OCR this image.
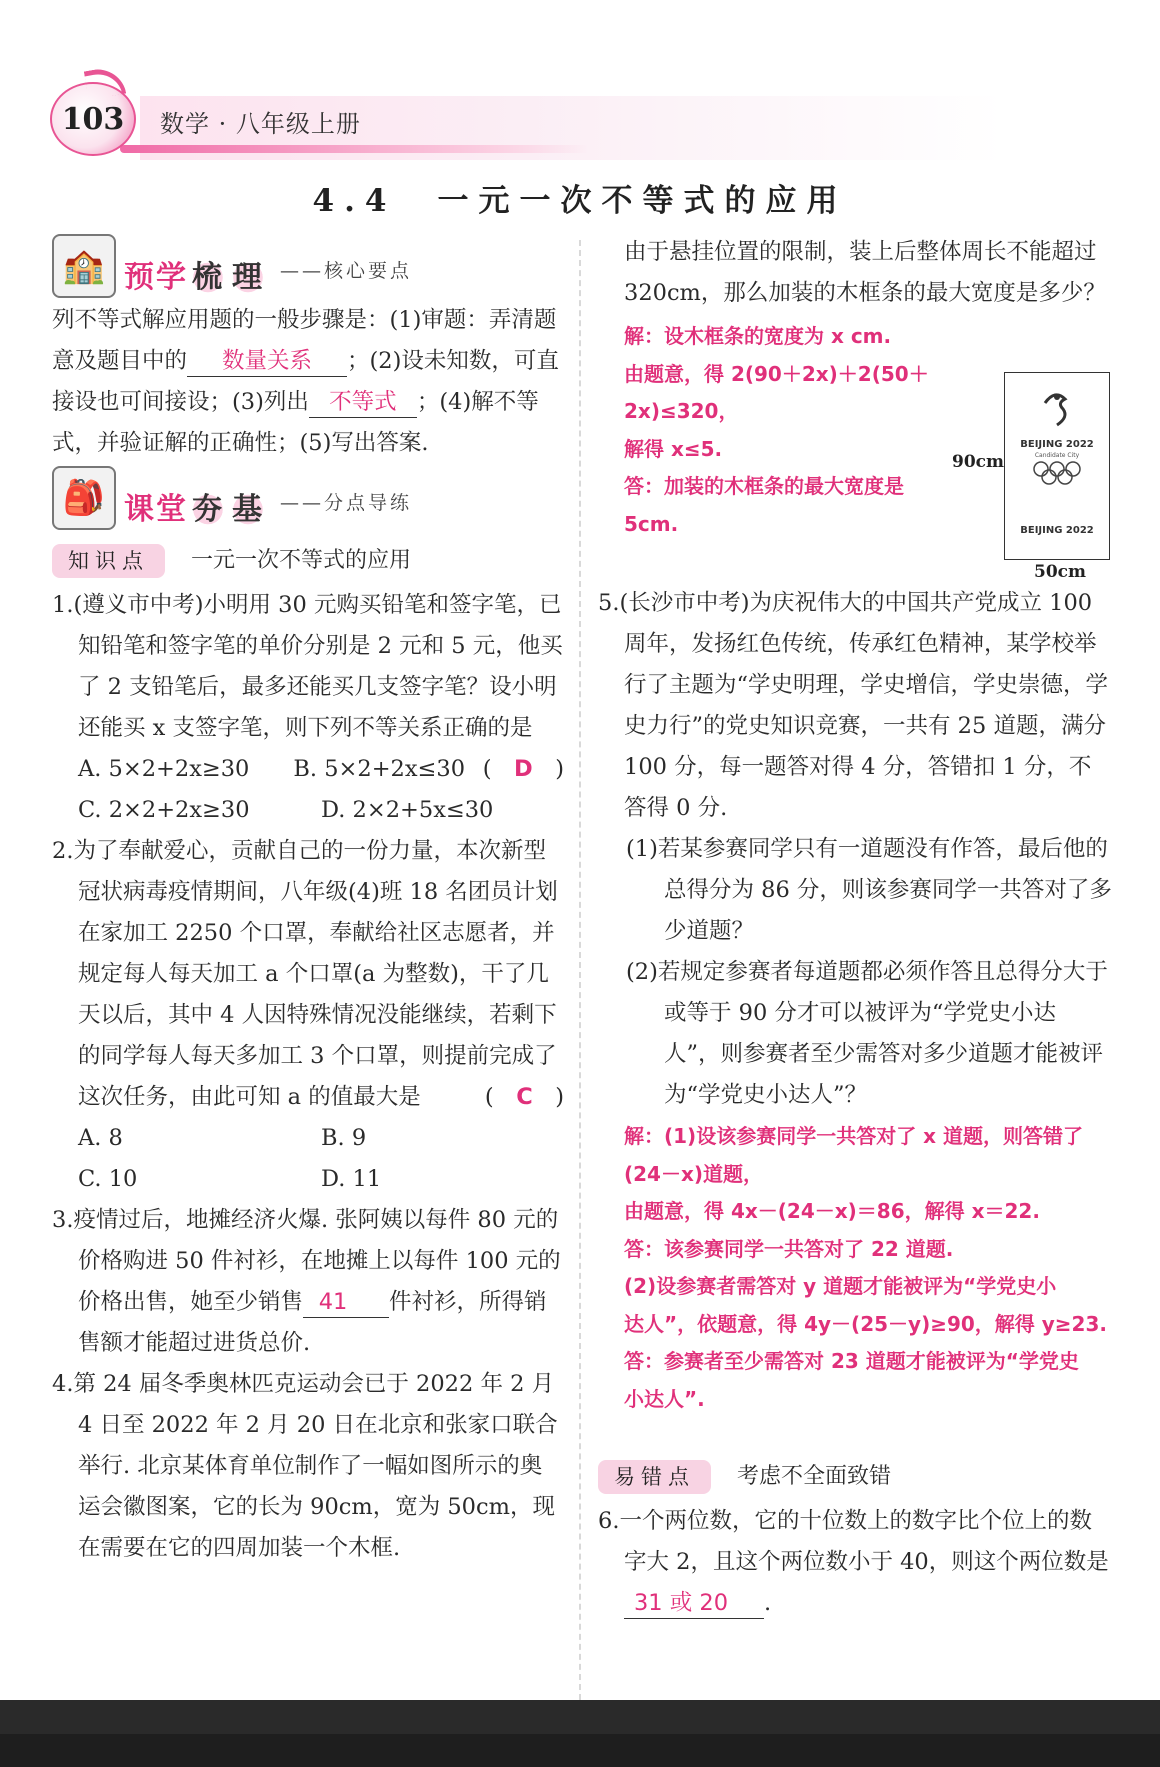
103 数学 · 八年级上册
4.4　一元一次不等式的应用
🏫 预学 梳 理	—— 核心要点

列不等式解应用题的一般步骤是：(1)审题：弄清题意及题目中的 数量关系 ；(2)设未知数，可直接设也可间接设；(3)列出 不等式 ；(4)解不等式，并验证解的正确性；(5)写出答案.

🎒 课堂 夯 基	—— 分点导练
知识点	一元一次不等式的应用

1.(遵义市中考)小明用 30 元购买铅笔和签字笔，已知铅笔和签字笔的单价分别是 2 元和 5 元，他买了 2 支铅笔后，最多还能买几支签字笔？设小明还能买 x 支签字笔，则下列不等关系正确的是
(　D　)

A. 5×2+2x≥30	B. 5×2+2x≤30
C. 2×2+2x≥30	D. 2×2+5x≤30

2.为了奉献爱心，贡献自己的一份力量，本次新型冠状病毒疫情期间，八年级(4)班 18 名团员计划在家加工 2250 个口罩，奉献给社区志愿者，并规定每人每天加工 a 个口罩(a 为整数)，干了几天以后，其中 4 人因特殊情况没能继续，若剩下的同学每人每天多加工 3 个口罩，则提前完成了这次任务，由此可知 a 的值最大是	(　C　)

A. 8	B. 9
C. 10	D. 11

3.疫情过后，地摊经济火爆. 张阿姨以每件 80 元的价格购进 50 件衬衫，在地摊上以每件 100 元的价格出售，她至少销售 41 件衬衫，所得销售额才能超过进货总价.

4.第 24 届冬季奥林匹克运动会已于 2022 年 2 月 4 日至 2022 年 2 月 20 日在北京和张家口联合举行. 北京某体育单位制作了一幅如图所示的奥运会徽图案，它的长为 90cm，宽为 50cm，现在需要在它的四周加装一个木框.

由于悬挂位置的限制，装上后整体周长不能超过 320cm，那么加装的木框条的最大宽度是多少？

解：设木框条的宽度为 x cm.
由题意，得 2(90＋2x)＋2(50＋
2x)≤320，
解得 x≤5.
答：加装的木框条的最大宽度是
5cm.

5.(长沙市中考)为庆祝伟大的中国共产党成立 100 周年，发扬红色传统，传承红色精神，某学校举行了主题为“学史明理，学史增信，学史崇德，学史力行”的党史知识竞赛，一共有 25 道题，满分 100 分，每一题答对得 4 分，答错扣 1 分，不答得 0 分.

(1)若某参赛同学只有一道题没有作答，最后他的总得分为 86 分，则该参赛同学一共答对了多少道题？

(2)若规定参赛者每道题都必须作答且总得分大于或等于 90 分才可以被评为“学党史小达人”，则参赛者至少需答对多少道题才能被评为“学党史小达人”？

解：(1)设该参赛同学一共答对了 x 道题，则答错了
(24－x)道题，
由题意，得 4x－(24－x)＝86，解得 x＝22.
答：该参赛同学一共答对了 22 道题.
(2)设参赛者需答对 y 道题才能被评为“学党史小
达人”，依题意，得 4y－(25－y)≥90，解得 y≥23.
答：参赛者至少需答对 23 道题才能被评为“学党史
小达人”.
易错点	考虑不全面致错

6.一个两位数，它的十位数上的数字比个位上的数字大 2，且这个两位数小于 40，则这个两位数是31 或 20 .

90cm
BEIJING 2022
Candidate City
BEIJING 2022
50cm
